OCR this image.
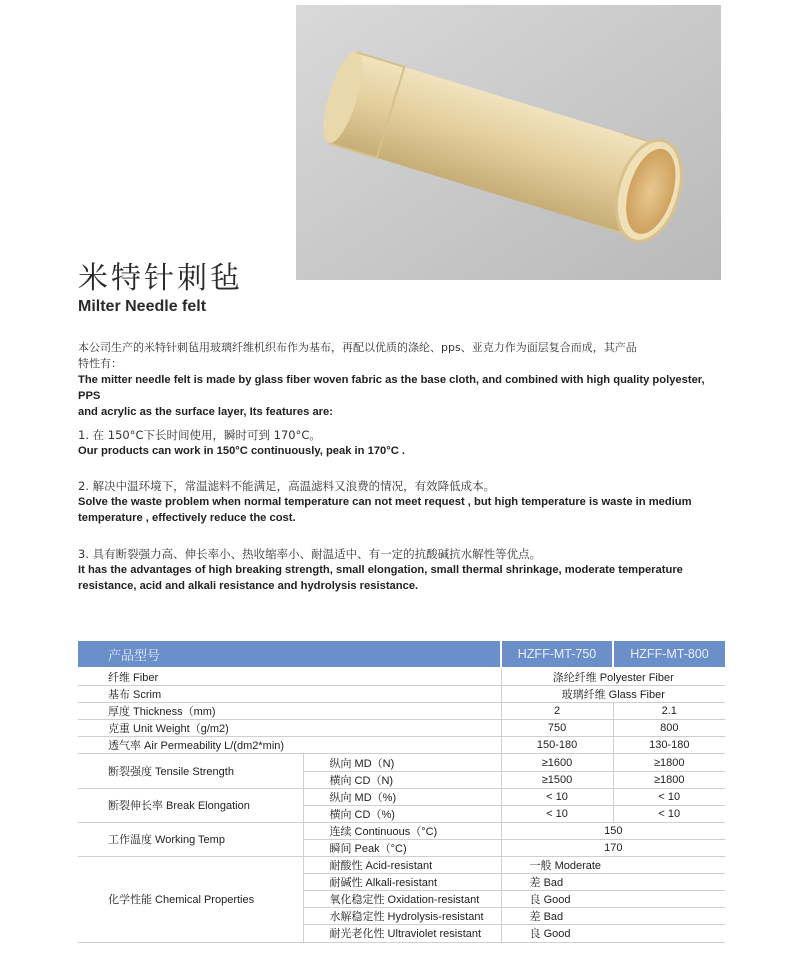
米特针刺毡
Milter Needle felt
本公司生产的米特针刺毡用玻璃纤维机织布作为基布，再配以优质的涤纶、pps、亚克力作为面层复合而成，其产品
特性有：
The mitter needle felt is made by glass fiber woven fabric as the base cloth, and combined with high quality polyester, PPS
and acrylic as the surface layer, Its features are:
1. 在 150°C下长时间使用，瞬时可到 170°C。
Our products can work in 150°C continuously, peak in 170°C .
2. 解决中温环境下，常温滤料不能满足，高温滤料又浪费的情况，有效降低成本。
Solve the waste problem when normal temperature can not meet request , but high temperature is waste in medium
temperature , effectively reduce the cost.
3. 具有断裂强力高、伸长率小、热收缩率小、耐温适中、有一定的抗酸碱抗水解性等优点。
It has the advantages of high breaking strength, small elongation, small thermal shrinkage, moderate temperature
resistance, acid and alkali resistance and hydrolysis resistance.
产品型号		HZFF-MT-750	HZFF-MT-800
纤维 Fiber		涤纶纤维 Polyester Fiber	
基布 Scrim		玻璃纤维 Glass Fiber	
厚度 Thickness（mm)		2	2.1
克重 Unit Weight（g/m2)		750	800
透气率 Air Permeability L/(dm2*min)		150-180	130-180
断裂强度 Tensile Strength	纵向 MD（N)	≥1600	≥1800
	横向 CD（N)	≥1500	≥1800
断裂伸长率 Break Elongation	纵向 MD（%)	< 10	< 10
	横向 CD（%)	< 10	< 10
工作温度 Working Temp	连续 Continuous（°C)	150	
	瞬间 Peak（°C)	170	
化学性能 Chemical Properties	耐酸性 Acid-resistant	一般 Moderate	
	耐碱性 Alkali-resistant	差 Bad	
	氧化稳定性 Oxidation-resistant	良 Good	
	水解稳定性 Hydrolysis-resistant	差 Bad	
	耐光老化性 Ultraviolet resistant	良 Good	
